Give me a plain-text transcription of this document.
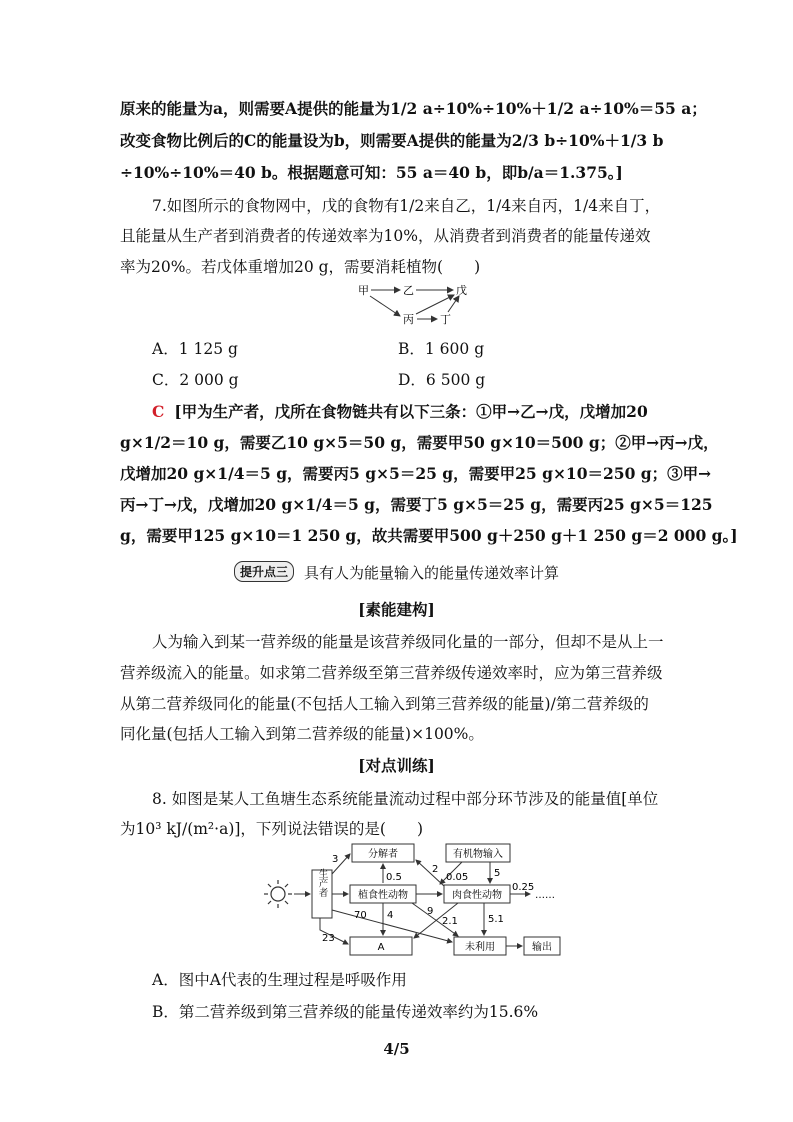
原来的能量为a，则需要A提供的能量为1/2 a÷10%÷10%＋1/2 a÷10%＝55 a；
改变食物比例后的C的能量设为b，则需要A提供的能量为2/3 b÷10%＋1/3 b
÷10%÷10%＝40 b。根据题意可知：55 a＝40 b，即b/a＝1.375。]
7.如图所示的食物网中，戊的食物有1/2来自乙，1/4来自丙，1/4来自丁，
且能量从生产者到消费者的传递效率为10%，从消费者到消费者的能量传递效
率为20%。若戊体重增加20 g，需要消耗植物(　　)
甲	乙	戊
丙 丁
A．1 125 g	B．1 600 g
C．2 000 g	D．6 500 g
C [甲为生产者，戊所在食物链共有以下三条：①甲→乙→戊，戊增加20
g×1/2＝10 g，需要乙10 g×5＝50 g，需要甲50 g×10＝500 g；②甲→丙→戊，
戊增加20 g×1/4＝5 g，需要丙5 g×5＝25 g，需要甲25 g×10＝250 g；③甲→
丙→丁→戊，戊增加20 g×1/4＝5 g，需要丁5 g×5＝25 g，需要丙25 g×5＝125
g，需要甲125 g×10＝1 250 g，故共需要甲500 g＋250 g＋1 250 g＝2 000 g。]
提升点三 具有人为能量输入的能量传递效率计算
[素能建构]
人为输入到某一营养级的能量是该营养级同化量的一部分，但却不是从上一
营养级流入的能量。如求第二营养级至第三营养级传递效率时，应为第三营养级
从第二营养级同化的能量(不包括人工输入到第三营养级的能量)/第二营养级的
同化量(包括人工输入到第二营养级的能量)×100%。
[对点训练]
8. 如图是某人工鱼塘生态系统能量流动过程中部分环节涉及的能量值[单位
为10³ kJ/(m²·a)]，下列说法错误的是(　　)
生产者
分解者	有机物输入
植食性动物	肉食性动物
A	未利用	输出
3
2
0.5	0.05	5
0.25
……
70 4	9
2.1	5.1
23
A．图中A代表的生理过程是呼吸作用
B．第二营养级到第三营养级的能量传递效率约为15.6%
4/5
